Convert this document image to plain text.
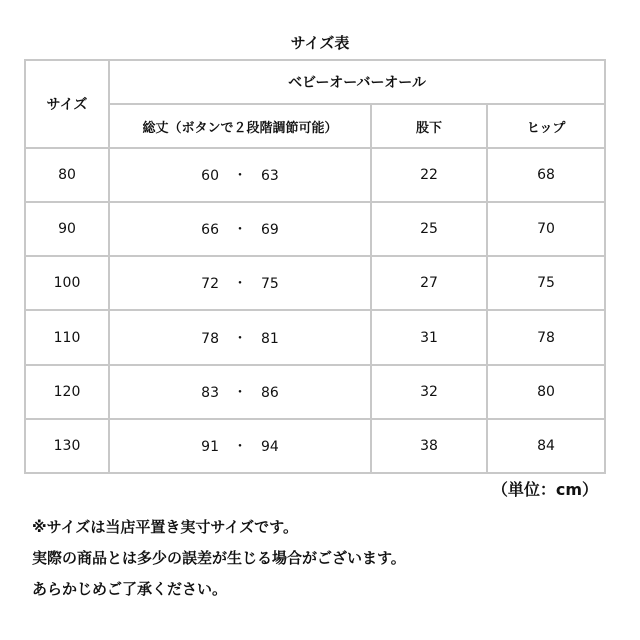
サイズ表
サイズ	ベビーオーバーオール		
	総丈（ボタンで２段階調節可能）	股下	ヒップ
80	60 ・ 63	22	68
90	66 ・ 69	25	70
100	72 ・ 75	27	75
110	78 ・ 81	31	78
120	83 ・ 86	32	80
130	91 ・ 94	38	84
（単位：cm）
※サイズは当店平置き実寸サイズです。
実際の商品とは多少の誤差が生じる場合がございます。
あらかじめご了承ください。
